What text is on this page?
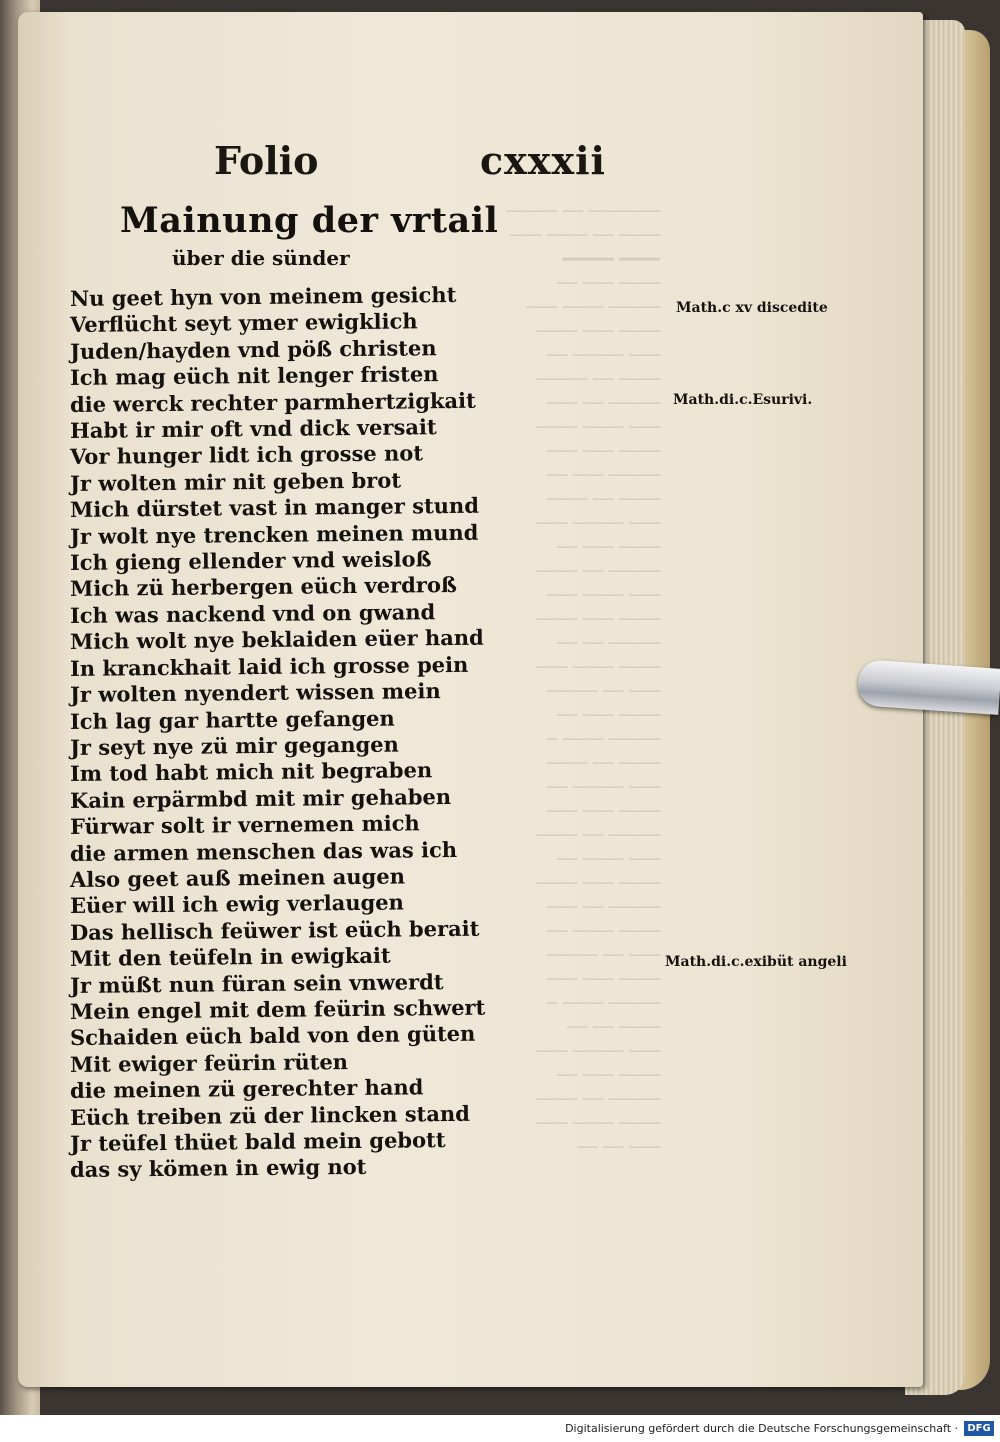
─────── ── ─────
──── ── ──── ───
━━━━ ━━━━━
──── ─── ──
───── ──── ───
──── ─── ────
─── ───── ──
──── ── ─────
───── ── ───
─── ──── ────
──── ─── ───
───── ─── ──
──── ── ────
─── ───── ───
──── ─── ──
───── ── ────
─── ──── ───
──── ─── ────
───── ── ──
──── ──── ───
─── ── ─────
──── ─── ──
───── ──── ─
──── ── ────
─── ───── ──
──── ─── ───
───── ── ────
─── ──── ──
──── ─── ────
───── ── ───
──── ──── ──
─── ── ─────
──── ─── ───
───── ──── ─
──── ── ──
─── ───── ───
──── ─── ──
───── ── ────
──── ──── ───
─── ── ──
Folio	cxxxii
Mainung der vrtail
über die sünder
Nu geet hyn von meinem gesicht
Verflücht seyt ymer ewigklich
Juden/hayden vnd pöß christen
Ich mag eüch nit lenger fristen
die werck rechter parmhertzigkait
Habt ir mir oft vnd dick versait
Vor hunger lidt ich grosse not
Jr wolten mir nit geben brot
Mich dürstet vast in manger stund
Jr wolt nye trencken meinen mund
Ich gieng ellender vnd weisloß
Mich zü herbergen eüch verdroß
Ich was nackend vnd on gwand
Mich wolt nye beklaiden eüer hand
In kranckhait laid ich grosse pein
Jr wolten nyendert wissen mein
Ich lag gar hartte gefangen
Jr seyt nye zü mir gegangen
Im tod habt mich nit begraben
Kain erpärmbd mit mir gehaben
Fürwar solt ir vernemen mich
die armen menschen das was ich
Also geet auß meinen augen
Eüer will ich ewig verlaugen
Das hellisch feüwer ist eüch berait
Mit den teüfeln in ewigkait
Jr müßt nun füran sein vnwerdt
Mein engel mit dem feürin schwert
Schaiden eüch bald von den güten
Mit ewiger feürin rüten
die meinen zü gerechter hand
Eüch treiben zü der lincken stand
Jr teüfel thüet bald mein gebott
das sy kömen in ewig not
Math.c xv discedite
Math.di.c.Esurivi.
Math.di.c.exibüt angeli
Digitalisierung gefördert durch die Deutsche Forschungsgemeinschaft · DFG
